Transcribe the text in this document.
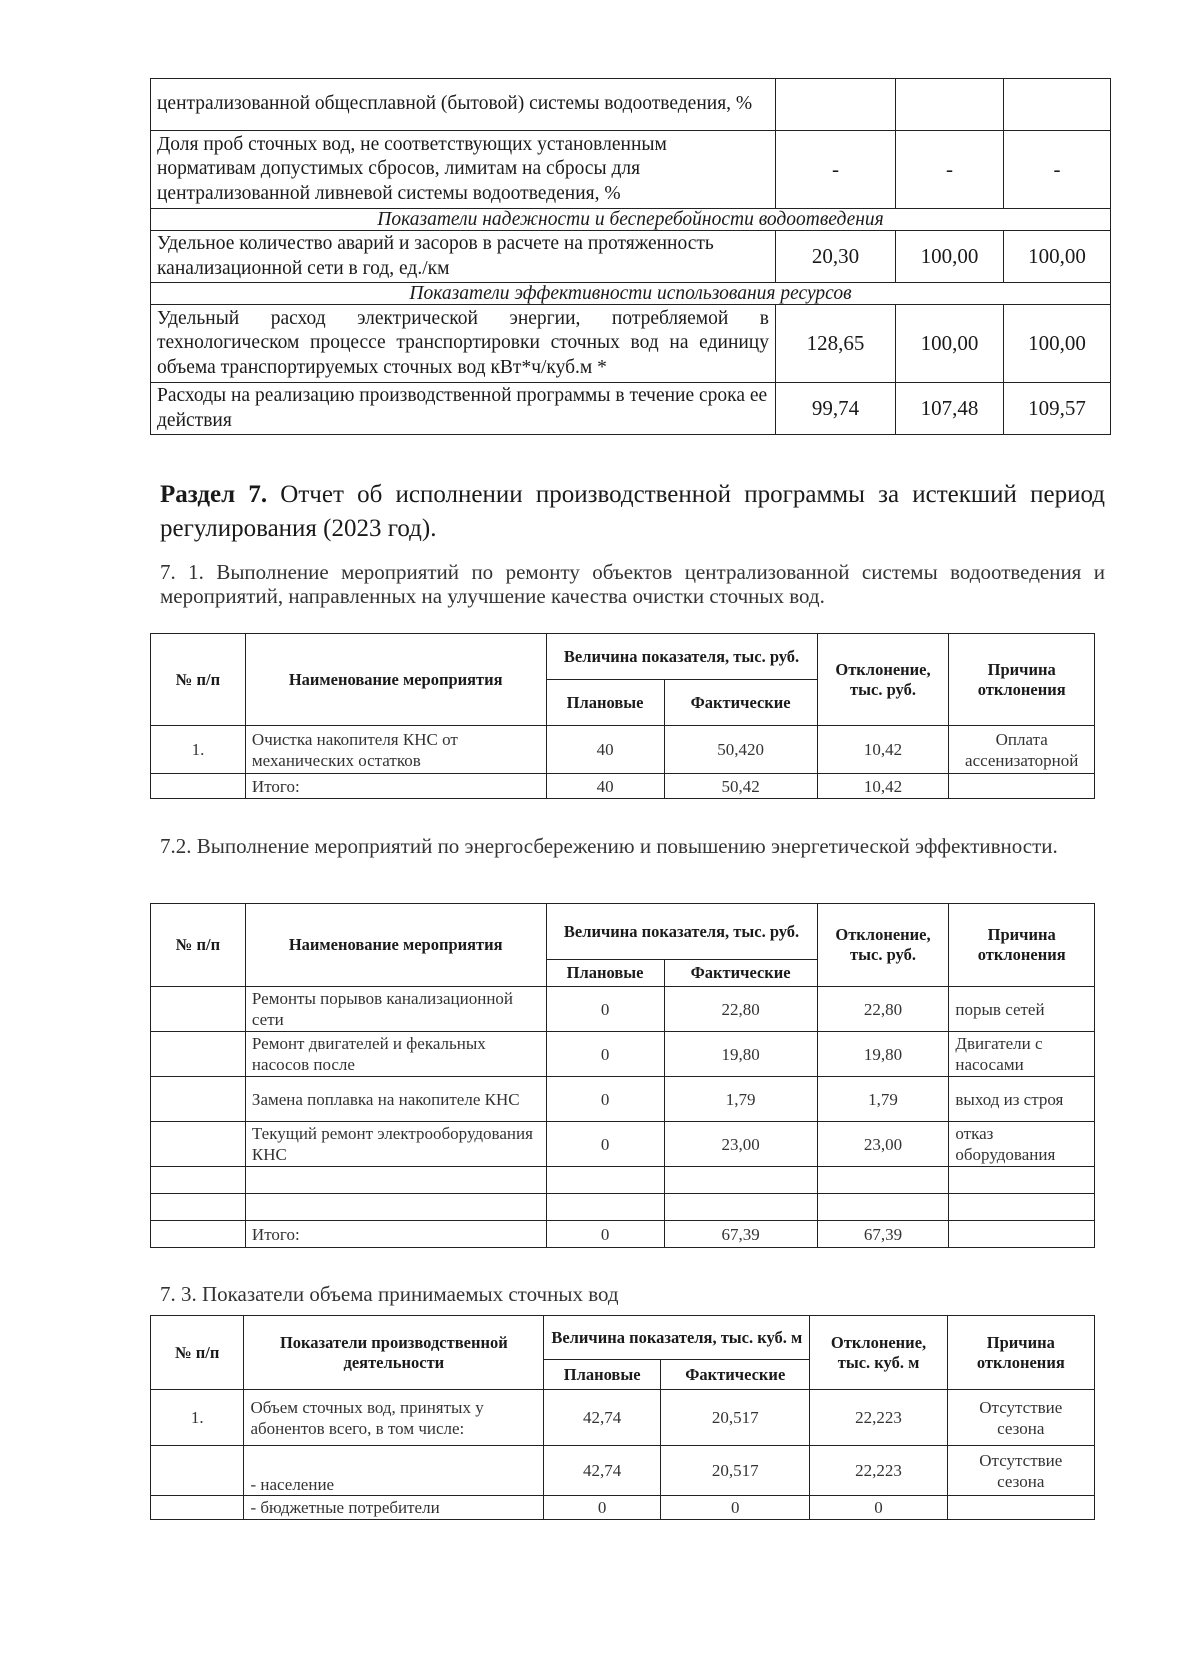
централизованной общесплавной (бытовой) системы водоотведения, %			
Доля проб сточных вод, не соответствующих установленным нормативам допустимых сбросов, лимитам на сбросы для централизованной ливневой системы водоотведения, %	-	-	-
Показатели надежности и бесперебойности водоотведения			
Удельное количество аварий и засоров в расчете на протяженность канализационной сети в год, ед./км	20,30	100,00	100,00
Показатели эффективности использования ресурсов			
Удельный расход электрической энергии, потребляемой в технологическом процессе транспортировки сточных вод на единицу объема транспортируемых сточных вод кВт*ч/куб.м *	128,65	100,00	100,00
Расходы на реализацию производственной программы в течение срока ее действия	99,74	107,48	109,57
Раздел 7. Отчет об исполнении производственной программы за истекший период регулирования (2023 год).
7. 1. Выполнение мероприятий по ремонту объектов централизованной системы водоотведения и мероприятий, направленных на улучшение качества очистки сточных вод.
№ п/п	Наименование мероприятия	Величина показателя, тыс. руб.		Отклонение, тыс. руб.	Причина отклонения
		Плановые	Фактические		
1.	Очистка накопителя КНС от механических остатков	40	50,420	10,42	Оплата ассенизаторной
	Итого:	40	50,42	10,42	
7.2. Выполнение мероприятий по энергосбережению и повышению энергетической эффективности.
№ п/п	Наименование мероприятия	Величина показателя, тыс. руб.		Отклонение, тыс. руб.	Причина отклонения
		Плановые	Фактические		
	Ремонты порывов канализационной сети	0	22,80	22,80	порыв сетей
	Ремонт двигателей и фекальных насосов после	0	19,80	19,80	Двигатели с насосами
	Замена поплавка на накопителе КНС	0	1,79	1,79	выход из строя
	Текущий ремонт электрооборудования КНС	0	23,00	23,00	отказ оборудования

	Итого:	0	67,39	67,39	
7. 3. Показатели объема принимаемых сточных вод
№ п/п	Показатели производственной деятельности	Величина показателя, тыс. куб. м		Отклонение, тыс. куб. м	Причина отклонения
		Плановые	Фактические		
1.	Объем сточных вод, принятых у абонентов всего, в том числе:	42,74	20,517	22,223	Отсутствие сезона
	- население	42,74	20,517	22,223	Отсутствие сезона
	- бюджетные потребители	0	0	0	
